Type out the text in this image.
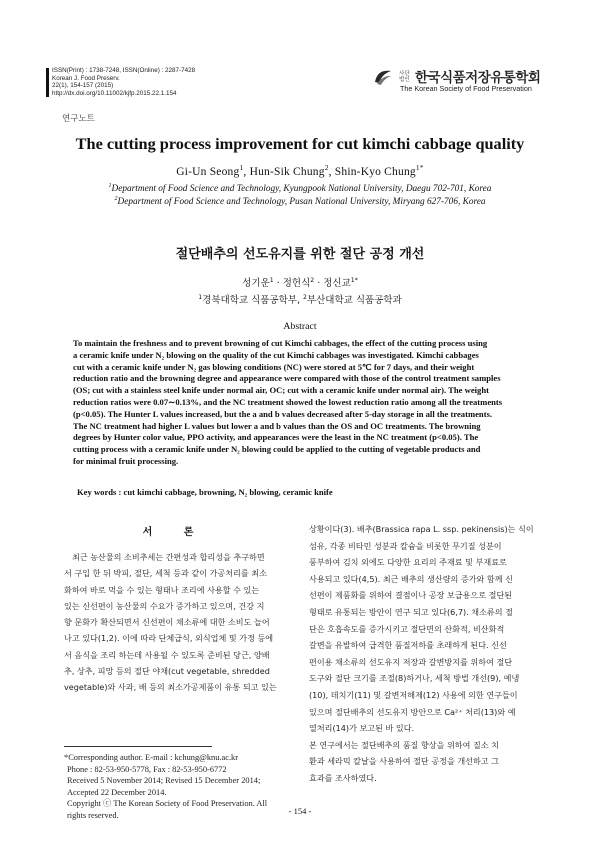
ISSN(Print) : 1738-7248, ISSN(Online) : 2287-7428
Korean J. Food Preserv.
22(1), 154-157 (2015)
http://dx.doi.org/10.11002/kjfp.2015.22.1.154
사단
법인 한국식품저장유통학회
The Korean Society of Food Preservation
연구노트
The cutting process improvement for cut kimchi cabbage quality
Gi-Un Seong$^1$, Hun-Sik Chung$^2$, Shin-Kyo Chung$^{1*}$
$^1$Department of Food Science and Technology, Kyungpook National University, Daegu 702-701, Korea
$^2$Department of Food Science and Technology, Pusan National University, Miryang 627-706, Korea
절단배추의 선도유지를 위한 절단 공정 개선
성기운$^1$ · 정헌식$^2$ · 정신교$^{1*}$
$^1$경북대학교 식품공학부, $^2$부산대학교 식품공학과
Abstract
To maintain the freshness and to prevent browning of cut Kimchi cabbages, the effect of the cutting process using
a ceramic knife under N₂ blowing on the quality of the cut Kimchi cabbages was investigated. Kimchi cabbages
cut with a ceramic knife under N₂ gas blowing conditions (NC) were stored at 5℃ for 7 days, and their weight
reduction ratio and the browning degree and appearance were compared with those of the control treatment samples
(OS; cut with a stainless steel knife under normal air, OC; cut with a ceramic knife under normal air). The weight
reduction ratios were 0.07∼0.13%, and the NC treatment showed the lowest reduction ratio among all the treatments
(p<0.05). The Hunter L values increased, but the a and b values decreased after 5-day storage in all the treatments.
The NC treatment had higher L values but lower a and b values than the OS and OC treatments. The browning
degrees by Hunter color value, PPO activity, and appearances were the least in the NC treatment (p<0.05). The
cutting process with a ceramic knife under N₂ blowing could be applied to the cutting of vegetable products and
for minimal fruit processing.
Key words : cut kimchi cabbage, browning, N₂ blowing, ceramic knife
서 론
최근 농산물의 소비추세는 간편성과 합리성을 추구하면
서 구입 한 뒤 박피, 절단, 세척 등과 같이 가공처리를 최소
화하여 바로 먹을 수 있는 형태나 조리에 사용할 수 있는
있는 신선편이 농산물의 수요가 증가하고 있으며, 건강 지
향 문화가 확산되면서 신선편이 채소류에 대한 소비도 늘어
나고 있다(1,2). 이에 따라 단체급식, 외식업체 및 가정 등에
서 음식을 조리 하는데 사용될 수 있도록 준비된 당근, 양배
추, 상추, 피망 등의 절단 야채(cut vegetable, shredded
vegetable)와 사과, 배 등의 최소가공제품이 유통 되고 있는
상황이다(3). 배추(Brassica rapa L. ssp. pekinensis)는 식이
섬유, 각종 비타민 성분과 칼슘을 비롯한 무기질 성분이
풍부하여 김치 외에도 다양한 요리의 주재료 및 부재료로
사용되고 있다(4,5). 최근 배추의 생산량의 증가와 함께 신
선편이 제품화를 위하여 결점이나 공장 보급용으로 절단된
형태로 유통되는 방안이 연구 되고 있다(6,7). 채소류의 절
단은 호흡속도를 증가시키고 절단면의 산화적, 비산화적
갈변을 유발하여 급격한 품질저하를 초래하게 된다. 신선
편이용 채소류의 선도유지 저장과 갈변방지를 위하여 절단
도구와 절단 크기를 조절(8)하거나, 세척 방법 개선(9), 예냉
(10), 데치기(11) 및 갈변저해제(12) 사용에 의한 연구들이
있으며 절단배추의 선도유지 방안으로 Ca²⁺ 처리(13)와 예
열처리(14)가 보고된 바 있다.
본 연구에서는 절단배추의 품질 향상을 위하여 질소 치
환과 세라믹 칼날을 사용하여 절단 공정을 개선하고 그
효과를 조사하였다.
*Corresponding author. E-mail : kchung@knu.ac.kr
Phone : 82-53-950-5778, Fax : 82-53-950-6772
Received 5 November 2014; Revised 15 December 2014;
Accepted 22 December 2014.
Copyright ⓒ The Korean Society of Food Preservation. All
rights reserved.	- 154 -
